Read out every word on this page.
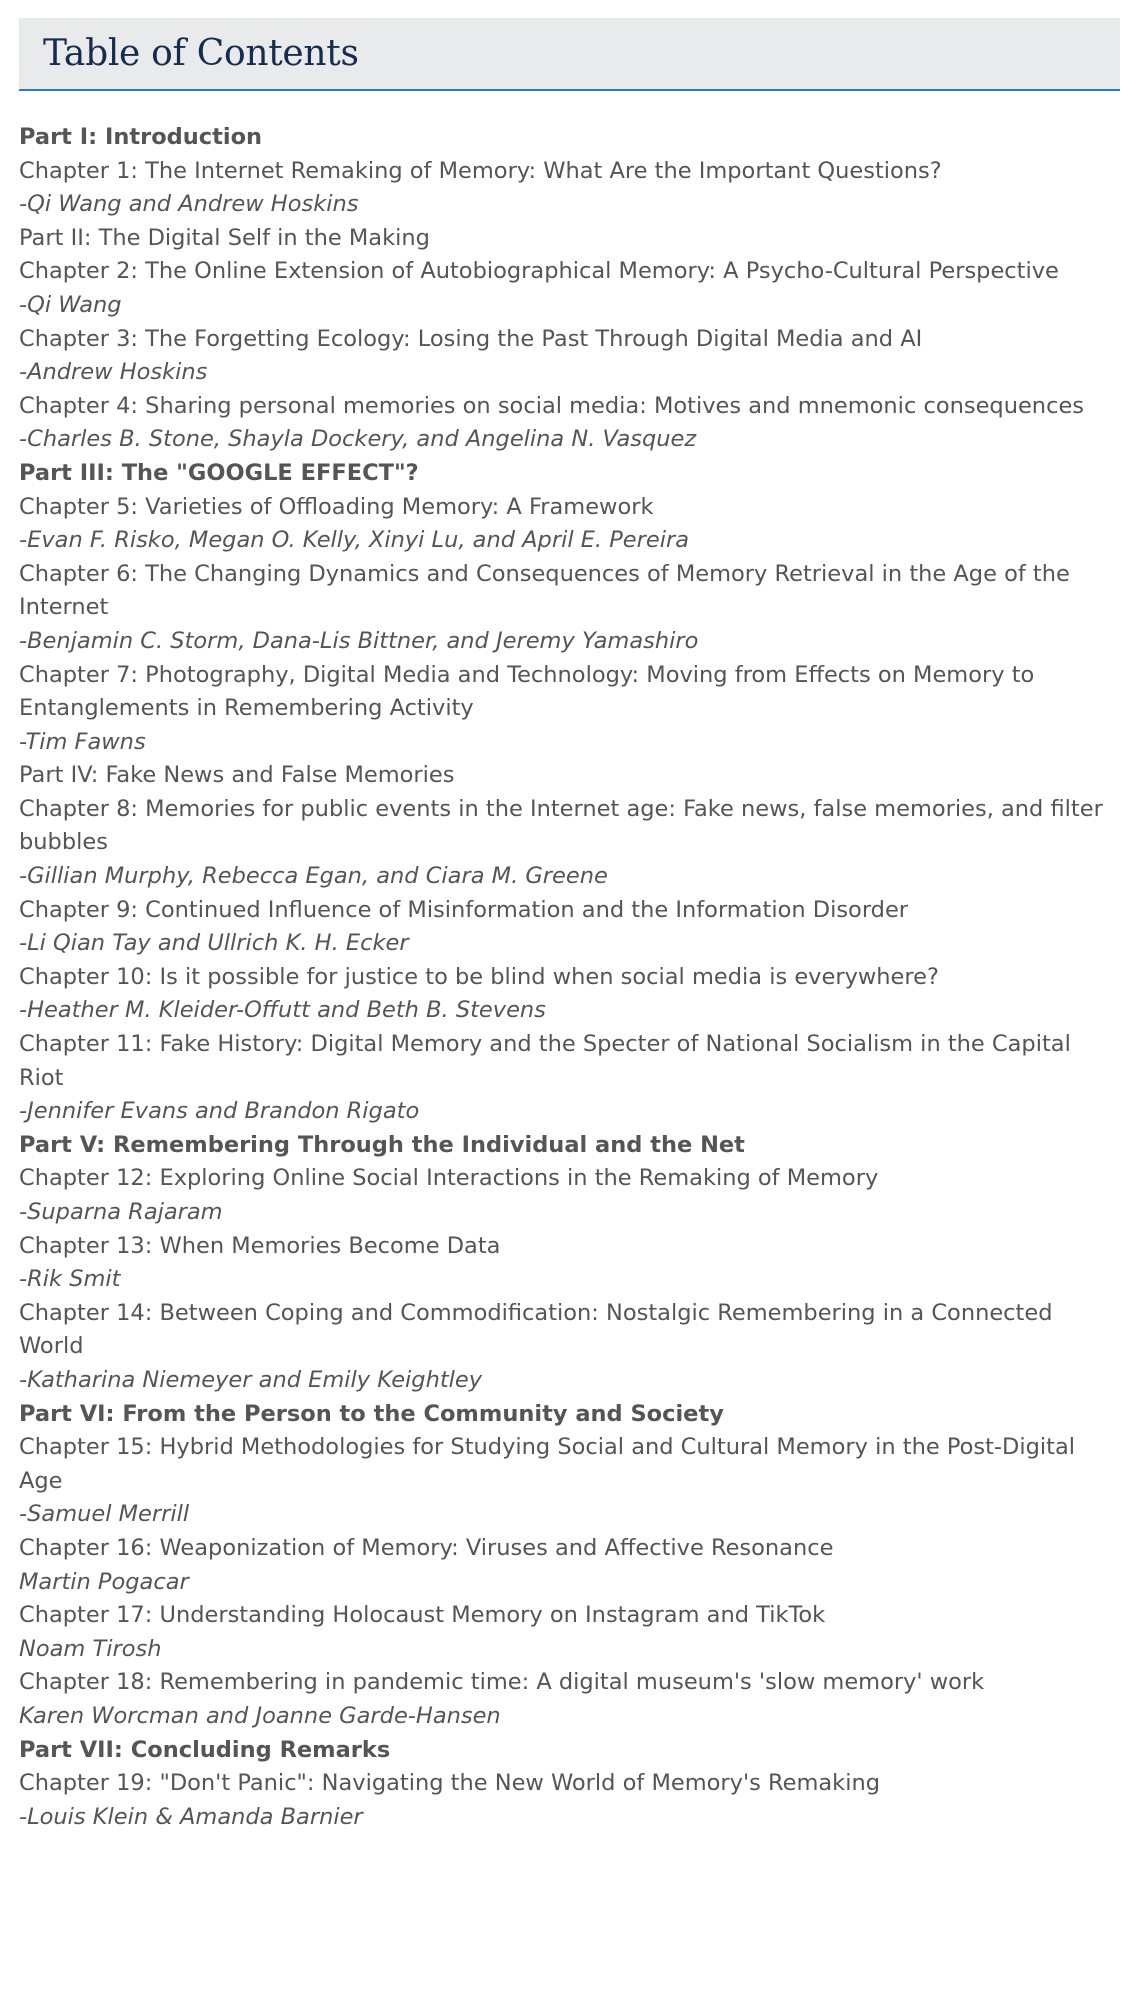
Table of Contents
Part I: Introduction
Chapter 1: The Internet Remaking of Memory: What Are the Important Questions?
-Qi Wang and Andrew Hoskins
Part II: The Digital Self in the Making
Chapter 2: The Online Extension of Autobiographical Memory: A Psycho-Cultural Perspective
-Qi Wang
Chapter 3: The Forgetting Ecology: Losing the Past Through Digital Media and AI
-Andrew Hoskins
Chapter 4: Sharing personal memories on social media: Motives and mnemonic consequences
-Charles B. Stone, Shayla Dockery, and Angelina N. Vasquez
Part III: The "GOOGLE EFFECT"?
Chapter 5: Varieties of Offloading Memory: A Framework
-Evan F. Risko, Megan O. Kelly, Xinyi Lu, and April E. Pereira
Chapter 6: The Changing Dynamics and Consequences of Memory Retrieval in the Age of the Internet
-Benjamin C. Storm, Dana-Lis Bittner, and Jeremy Yamashiro
Chapter 7: Photography, Digital Media and Technology: Moving from Effects on Memory to Entanglements in Remembering Activity
-Tim Fawns
Part IV: Fake News and False Memories
Chapter 8: Memories for public events in the Internet age: Fake news, false memories, and filter bubbles
-Gillian Murphy, Rebecca Egan, and Ciara M. Greene
Chapter 9: Continued Influence of Misinformation and the Information Disorder
-Li Qian Tay and Ullrich K. H. Ecker
Chapter 10: Is it possible for justice to be blind when social media is everywhere?
-Heather M. Kleider-Offutt and Beth B. Stevens
Chapter 11: Fake History: Digital Memory and the Specter of National Socialism in the Capital Riot
-Jennifer Evans and Brandon Rigato
Part V: Remembering Through the Individual and the Net
Chapter 12: Exploring Online Social Interactions in the Remaking of Memory
-Suparna Rajaram
Chapter 13: When Memories Become Data
-Rik Smit
Chapter 14: Between Coping and Commodification: Nostalgic Remembering in a Connected World
-Katharina Niemeyer and Emily Keightley
Part VI: From the Person to the Community and Society
Chapter 15: Hybrid Methodologies for Studying Social and Cultural Memory in the Post-Digital Age
-Samuel Merrill
Chapter 16: Weaponization of Memory: Viruses and Affective Resonance
Martin Pogacar
Chapter 17: Understanding Holocaust Memory on Instagram and TikTok
Noam Tirosh
Chapter 18: Remembering in pandemic time: A digital museum's 'slow memory' work
Karen Worcman and Joanne Garde-Hansen
Part VII: Concluding Remarks
Chapter 19: "Don't Panic": Navigating the New World of Memory's Remaking
-Louis Klein & Amanda Barnier
